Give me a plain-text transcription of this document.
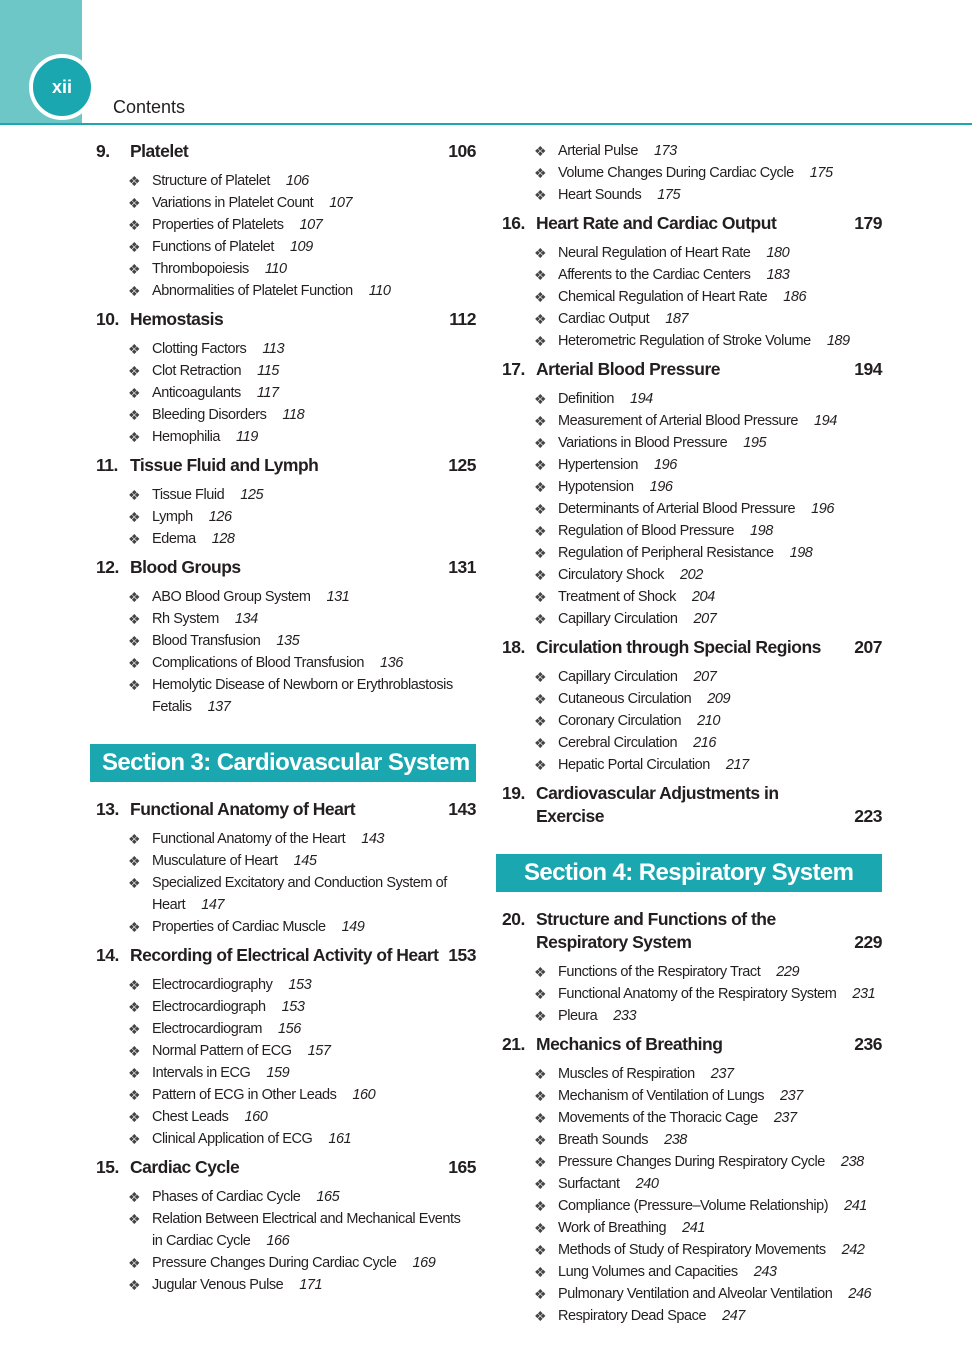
xii
Contents
9.	Platelet	106
❖ Structure of Platelet 106
❖ Variations in Platelet Count 107
❖ Properties of Platelets 107
❖ Functions of Platelet 109
❖ Thrombopoiesis 110
❖ Abnormalities of Platelet Function 110
10. Hemostasis	112
❖ Clotting Factors 113
❖ Clot Retraction 115
❖ Anticoagulants 117
❖ Bleeding Disorders 118
❖ Hemophilia 119
11. Tissue Fluid and Lymph	125
❖ Tissue Fluid 125
❖ Lymph 126
❖ Edema 128
12. Blood Groups	131
❖ ABO Blood Group System 131
❖ Rh System 134
❖ Blood Transfusion 135
❖ Complications of Blood Transfusion 136
❖ Hemolytic Disease of Newborn or Erythroblastosis Fetalis 137
Section 3: Cardiovascular System
13. Functional Anatomy of Heart	143
❖ Functional Anatomy of the Heart 143
❖ Musculature of Heart 145
❖ Specialized Excitatory and Conduction System of Heart 147
❖ Properties of Cardiac Muscle 149
14. Recording of Electrical Activity of Heart 153
❖ Electrocardiography 153
❖ Electrocardiograph 153
❖ Electrocardiogram 156
❖ Normal Pattern of ECG 157
❖ Intervals in ECG 159
❖ Pattern of ECG in Other Leads 160
❖ Chest Leads 160
❖ Clinical Application of ECG 161
15. Cardiac Cycle	165
❖ Phases of Cardiac Cycle 165
❖ Relation Between Electrical and Mechanical Events in Cardiac Cycle 166
❖ Pressure Changes During Cardiac Cycle 169
❖ Jugular Venous Pulse 171
❖ Arterial Pulse 173
❖ Volume Changes During Cardiac Cycle 175
❖ Heart Sounds 175
16. Heart Rate and Cardiac Output	179
❖ Neural Regulation of Heart Rate 180
❖ Afferents to the Cardiac Centers 183
❖ Chemical Regulation of Heart Rate 186
❖ Cardiac Output 187
❖ Heterometric Regulation of Stroke Volume 189
17. Arterial Blood Pressure	194
❖ Definition 194
❖ Measurement of Arterial Blood Pressure 194
❖ Variations in Blood Pressure 195
❖ Hypertension 196
❖ Hypotension 196
❖ Determinants of Arterial Blood Pressure 196
❖ Regulation of Blood Pressure 198
❖ Regulation of Peripheral Resistance 198
❖ Circulatory Shock 202
❖ Treatment of Shock 204
❖ Capillary Circulation 207
18. Circulation through Special Regions	207
❖ Capillary Circulation 207
❖ Cutaneous Circulation 209
❖ Coronary Circulation 210
❖ Cerebral Circulation 216
❖ Hepatic Portal Circulation 217
19. Cardiovascular Adjustments in Exercise	223
Section 4: Respiratory System
20. Structure and Functions of the Respiratory System	229
❖ Functions of the Respiratory Tract 229
❖ Functional Anatomy of the Respiratory System 231
❖ Pleura 233
21. Mechanics of Breathing	236
❖ Muscles of Respiration 237
❖ Mechanism of Ventilation of Lungs 237
❖ Movements of the Thoracic Cage 237
❖ Breath Sounds 238
❖ Pressure Changes During Respiratory Cycle 238
❖ Surfactant 240
❖ Compliance (Pressure–Volume Relationship) 241
❖ Work of Breathing 241
❖ Methods of Study of Respiratory Movements 242
❖ Lung Volumes and Capacities 243
❖ Pulmonary Ventilation and Alveolar Ventilation 246
❖ Respiratory Dead Space 247
